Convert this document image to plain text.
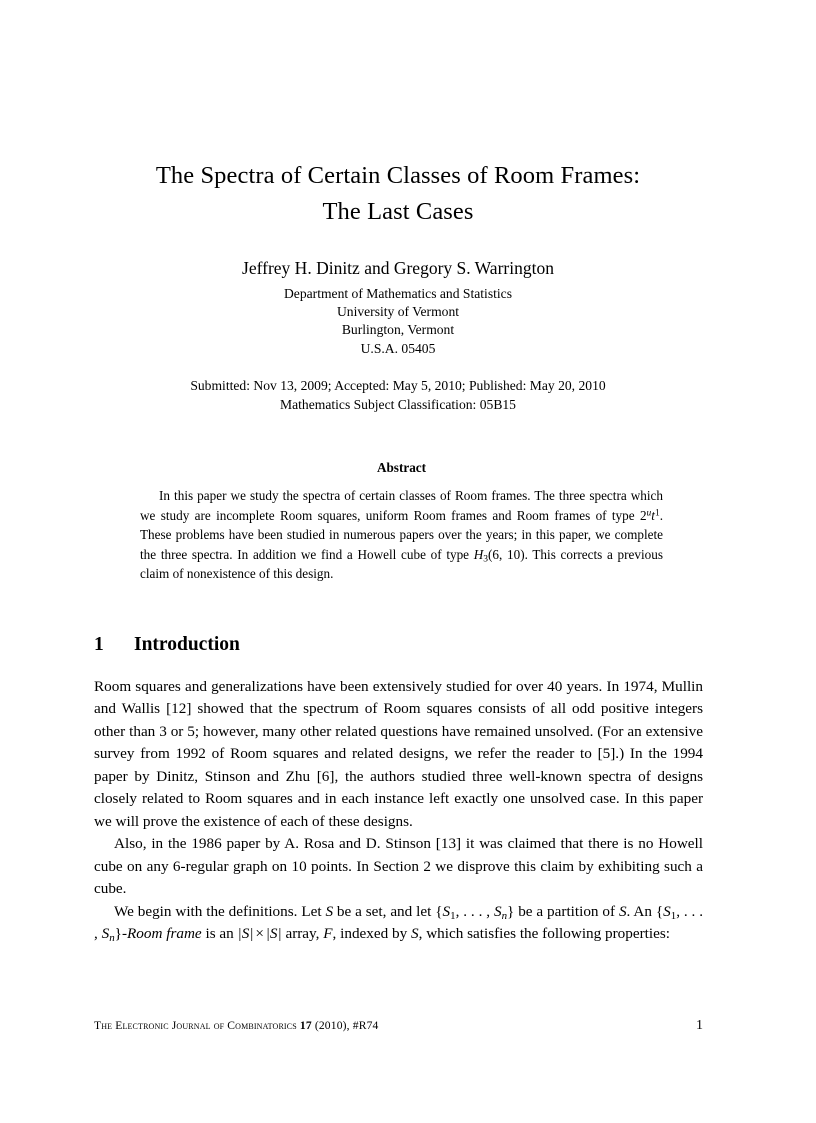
The Spectra of Certain Classes of Room Frames:
The Last Cases
Jeffrey H. Dinitz and Gregory S. Warrington
Department of Mathematics and Statistics
University of Vermont
Burlington, Vermont
U.S.A. 05405
Submitted: Nov 13, 2009; Accepted: May 5, 2010; Published: May 20, 2010
Mathematics Subject Classification: 05B15
Abstract
In this paper we study the spectra of certain classes of Room frames. The three spectra which we study are incomplete Room squares, uniform Room frames and Room frames of type $2^ut^1$. These problems have been studied in numerous papers over the years; in this paper, we complete the three spectra. In addition we find a Howell cube of type $H_3(6$, 10). This corrects a previous claim of nonexistence of this design.
1 Introduction

Room squares and generalizations have been extensively studied for over 40 years. In 1974, Mullin and Wallis [12] showed that the spectrum of Room squares consists of all odd positive integers other than 3 or 5; however, many other related questions have remained unsolved. (For an extensive survey from 1992 of Room squares and related designs, we refer the reader to [5].) In the 1994 paper by Dinitz, Stinson and Zhu [6], the authors studied three well-known spectra of designs closely related to Room squares and in each instance left exactly one unsolved case. In this paper we will prove the existence of each of these designs.

Also, in the 1986 paper by A. Rosa and D. Stinson [13] it was claimed that there is no Howell cube on any 6-regular graph on 10 points. In Section 2 we disprove this claim by exhibiting such a cube.

We begin with the definitions. Let S be a set, and let {$S_1$, . . . , $S_n$} be a partition of S. An {$S_1$, . . . , $S_n$}-Room frame is an |S| × |S| array, F, indexed by S, which satisfies the following properties:

The Electronic Journal of Combinatorics 17 (2010), #R74	1
